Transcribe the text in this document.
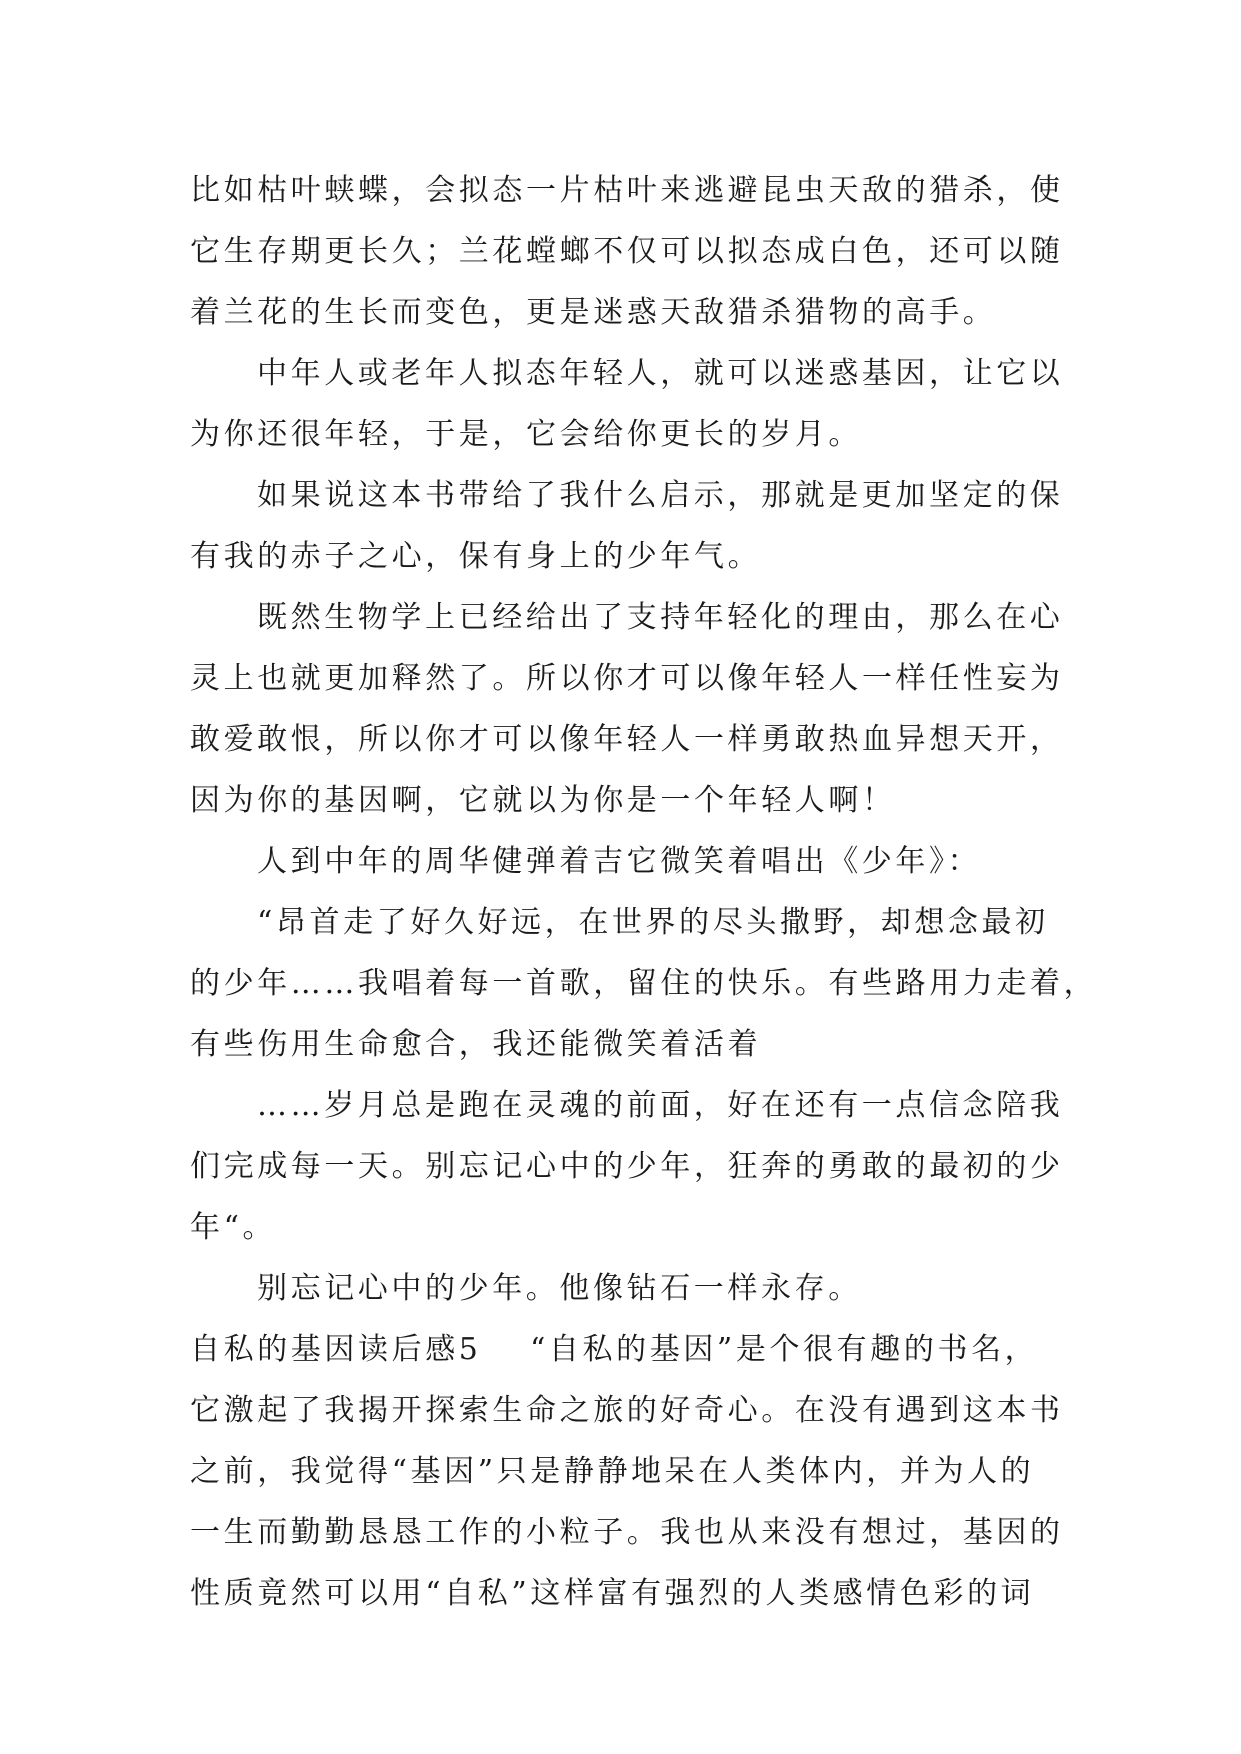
比如枯叶蛱蝶，会拟态一片枯叶来逃避昆虫天敌的猎杀，使
它生存期更长久；兰花螳螂不仅可以拟态成白色，还可以随
着兰花的生长而变色，更是迷惑天敌猎杀猎物的高手。
中年人或老年人拟态年轻人，就可以迷惑基因，让它以
为你还很年轻，于是，它会给你更长的岁月。
如果说这本书带给了我什么启示，那就是更加坚定的保
有我的赤子之心，保有身上的少年气。
既然生物学上已经给出了支持年轻化的理由，那么在心
灵上也就更加释然了。所以你才可以像年轻人一样任性妄为
敢爱敢恨，所以你才可以像年轻人一样勇敢热血异想天开，
因为你的基因啊，它就以为你是一个年轻人啊！
人到中年的周华健弹着吉它微笑着唱出《少年》：
“昂首走了好久好远，在世界的尽头撒野，却想念最初
的少年……我唱着每一首歌，留住的快乐。有些路用力走着，
有些伤用生命愈合，我还能微笑着活着
……岁月总是跑在灵魂的前面，好在还有一点信念陪我
们完成每一天。别忘记心中的少年，狂奔的勇敢的最初的少
年“。
别忘记心中的少年。他像钻石一样永存。
自私的基因读后感5 “自私的基因”是个很有趣的书名，
它激起了我揭开探索生命之旅的好奇心。在没有遇到这本书
之前，我觉得“基因”只是静静地呆在人类体内，并为人的
一生而勤勤恳恳工作的小粒子。我也从来没有想过，基因的
性质竟然可以用“自私”这样富有强烈的人类感情色彩的词
